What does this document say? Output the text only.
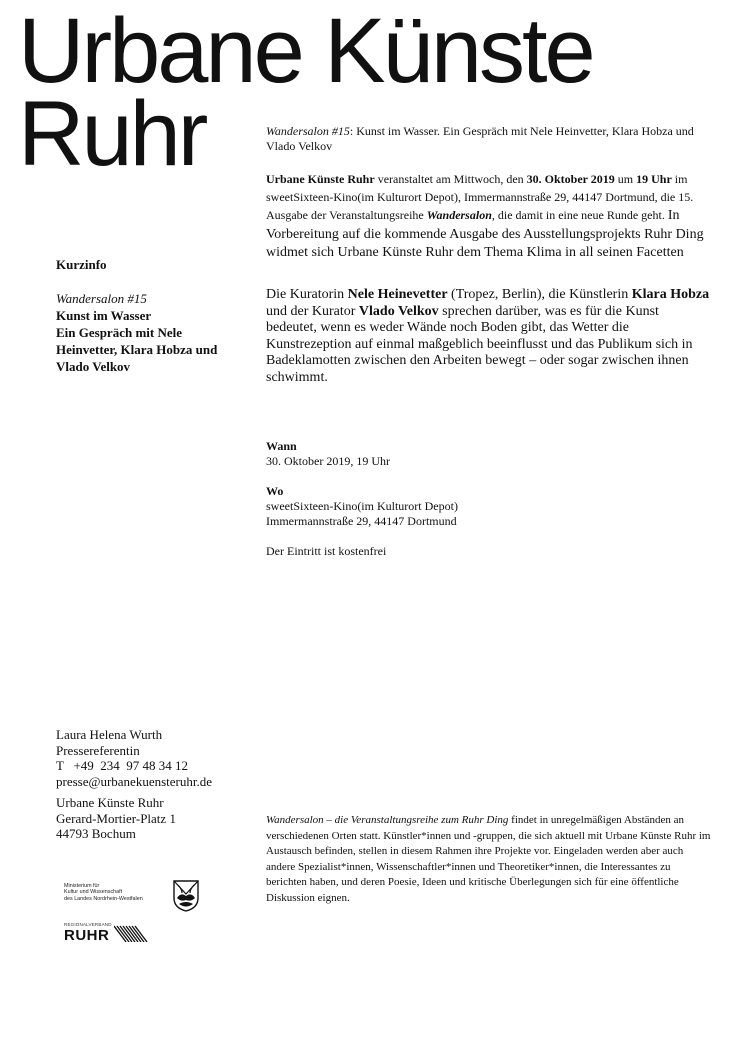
Urbane Künste
Ruhr	Wandersalon #15: Kunst im Wasser. Ein Gespräch mit Nele Heinvetter, Klara Hobza und Vlado Velkov

Urbane Künste Ruhr veranstaltet am Mittwoch, den 30. Oktober 2019 um 19 Uhr im sweetSixteen-Kino(im Kulturort Depot), Immermannstraße 29, 44147 Dortmund, die 15. Ausgabe der Veranstaltungsreihe Wandersalon, die damit in eine neue Runde geht. In Vorbereitung auf die kommende Ausgabe des Ausstellungsprojekts Ruhr Ding widmet sich Urbane Künste Ruhr dem Thema Klima in all seinen Facetten

Die Kuratorin Nele Heinevetter (Tropez, Berlin), die Künstlerin Klara Hobza und der Kurator Vlado Velkov sprechen darüber, was es für die Kunst bedeutet, wenn es weder Wände noch Boden gibt, das Wetter die Kunstrezeption auf einmal maßgeblich beeinflusst und das Publikum sich in Badeklamotten zwischen den Arbeiten bewegt – oder sogar zwischen ihnen schwimmt.

Wann
30. Oktober 2019, 19 Uhr
Wo
sweetSixteen-Kino(im Kulturort Depot)
Immermannstraße 29, 44147 Dortmund
Der Eintritt ist kostenfrei
Kurzinfo
Wandersalon #15
Kunst im Wasser
Ein Gespräch mit Nele Heinvetter, Klara Hobza und Vlado Velkov
Laura Helena Wurth
Pressereferentin
T   +49  234  97 48 34 12
presse@urbanekuensteruhr.de
Urbane Künste Ruhr
Gerard-Mortier-Platz 1
44793 Bochum

Wandersalon – die Veranstaltungsreihe zum Ruhr Ding findet in unregelmäßigen Abständen an verschiedenen Orten statt. Künstler*innen und -gruppen, die sich aktuell mit Urbane Künste Ruhr im Austausch befinden, stellen in diesem Rahmen ihre Projekte vor. Eingeladen werden aber auch andere Spezialist*innen, Wissenschaftler*innen und Theoretiker*innen, die Interessantes zu berichten haben, und deren Poesie, Ideen und kritische Überlegungen sich für eine öffentliche Diskussion eignen.

Ministerium für
Kultur und Wissenschaft
des Landes Nordrhein-Westfalen
REGIONALVERBAND
RUHR
